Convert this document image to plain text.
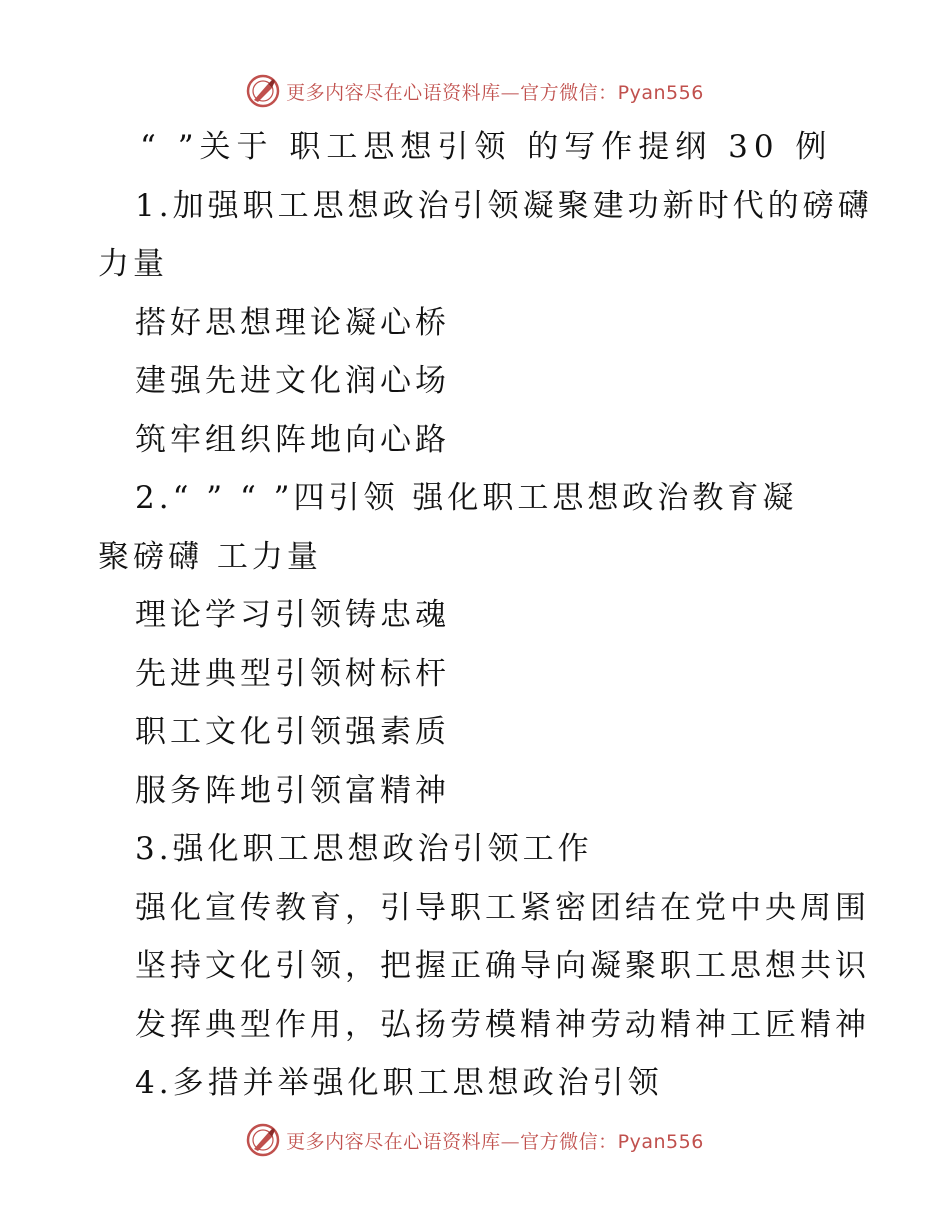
更多内容尽在心语资料库—官方微信：Pyan556
“ ”关于 职工思想引领 的写作提纲 30 例
1.加强职工思想政治引领凝聚建功新时代的磅礴
力量
搭好思想理论凝心桥
建强先进文化润心场
筑牢组织阵地向心路
2.“ ” “ ”四引领 强化职工思想政治教育凝
聚磅礴 工力量
理论学习引领铸忠魂
先进典型引领树标杆
职工文化引领强素质
服务阵地引领富精神
3.强化职工思想政治引领工作
强化宣传教育，引导职工紧密团结在党中央周围
坚持文化引领，把握正确导向凝聚职工思想共识
发挥典型作用，弘扬劳模精神劳动精神工匠精神
4.多措并举强化职工思想政治引领
更多内容尽在心语资料库—官方微信：Pyan556
